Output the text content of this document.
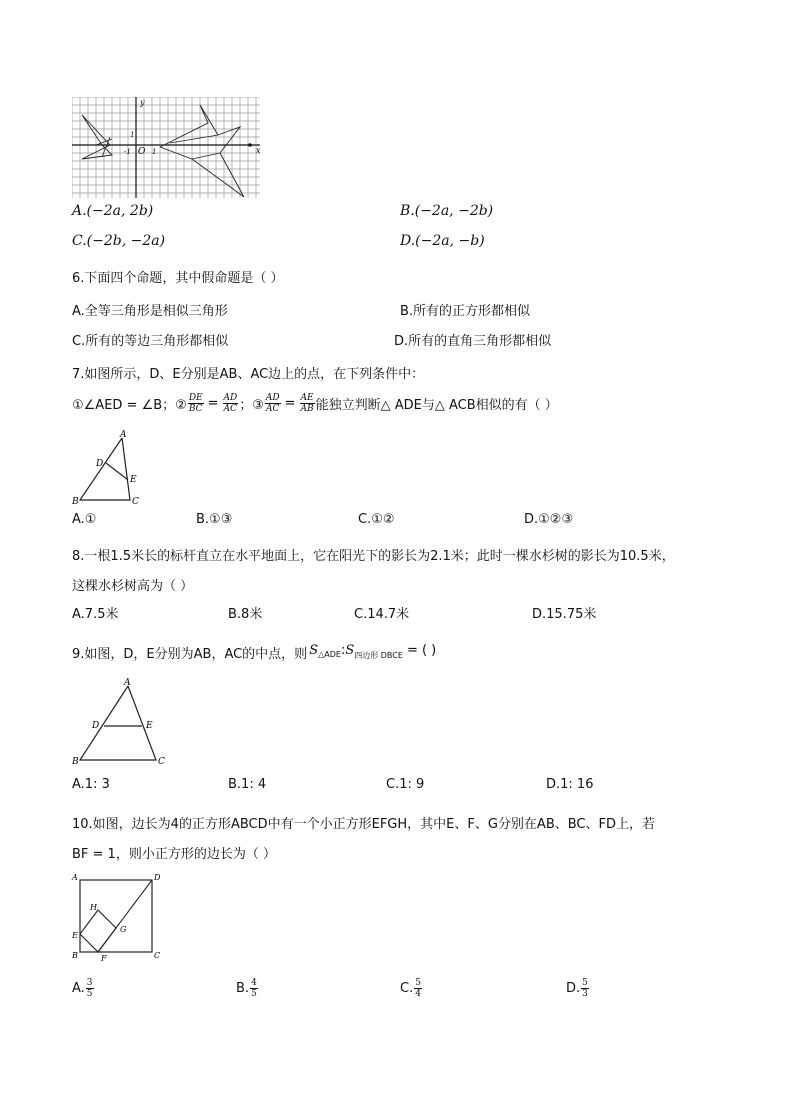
x
y
O 1
1
-1
A.(−2a, 2b)	B.(−2a, −2b)
C.(−2b, −2a)	D.(−2a, −b)
6.下面四个命题，其中假命题是（ ）
A.全等三角形是相似三角形	B.所有的正方形都相似
C.所有的等边三角形都相似	D.所有的直角三角形都相似
7.如图所示，D、E分别是AB、AC边上的点，在下列条件中：
①∠AED = ∠B；② $\frac{DE}{BC} = \frac{AD}{AC}$ ；③ $\frac{AD}{AC} = \frac{AE}{AB}$ 能独立判断△ ADE与△ ACB相似的有（ ）
A
B	C
D
E
A.①	B.①③	C.①②	D.①②③
8.一根1.5米长的标杆直立在水平地面上，它在阳光下的影长为2.1米；此时一棵水杉树的影长为10.5米，
这棵水杉树高为（ ）
A.7.5米	B.8米	C.14.7米	D.15.75米
9.如图，D，E分别为AB，AC的中点，则 S △ADE : S 四边形 DBCE = ( )
A
B	C
D	E
A.1: 3	B.1: 4	C.1: 9	D.1: 16
10.如图，边长为4的正方形ABCD中有一个小正方形EFGH，其中E、F、G分别在AB、BC、FD上，若
BF = 1，则小正方形的边长为（ ）
A	D
B	C
E
F
G
H
A. 3
5	B. 4
5	C. 5
4	D. 5
3
